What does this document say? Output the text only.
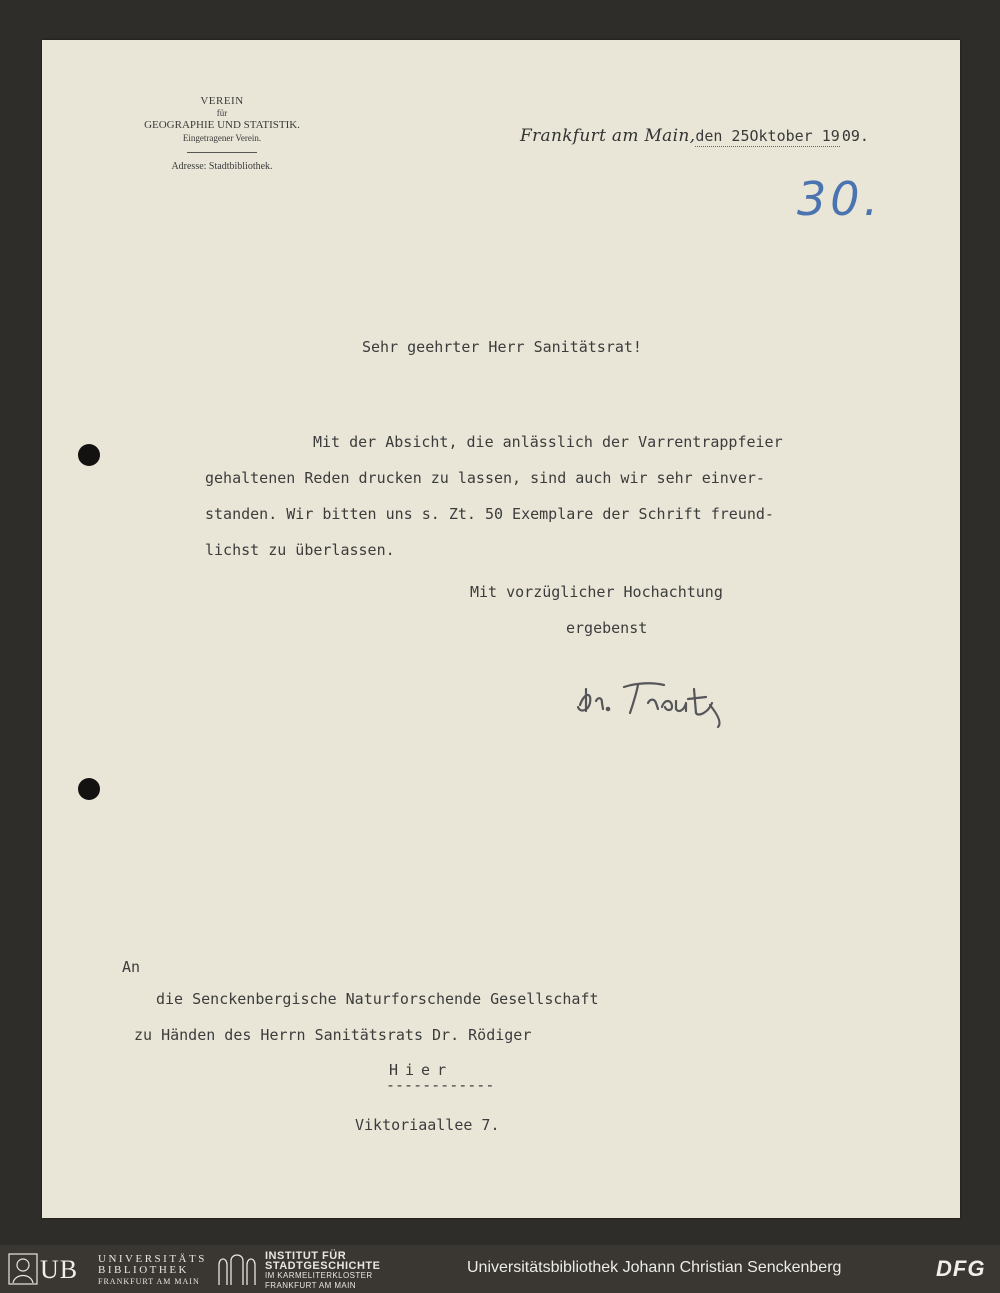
VEREIN
für
GEOGRAPHIE UND STATISTIK.
Eingetragener Verein.
Adresse: Stadtbibliothek.
Frankfurt am Main,den 25Oktober 19 09.
30.
Sehr geehrter Herr Sanitätsrat!
Mit der Absicht, die anlässlich der Varrentrappfeier
gehaltenen Reden drucken zu lassen, sind auch wir sehr einver-
standen. Wir bitten uns s. Zt. 50 Exemplare der Schrift freund-
lichst zu überlassen.
Mit vorzüglicher Hochachtung
ergebenst
An
die Senckenbergische Naturforschende Gesellschaft
zu Händen des Herrn Sanitätsrats Dr. Rödiger
Hier
------------
Viktoriaallee 7.
UB UNIVERSITÄTS
BIBLIOTHEK
FRANKFURT AM MAIN
INSTITUT FÜR
STADTGESCHICHTE
IM KARMELITERKLOSTER
FRANKFURT AM MAIN
Universitätsbibliothek Johann Christian Senckenberg	DFG
